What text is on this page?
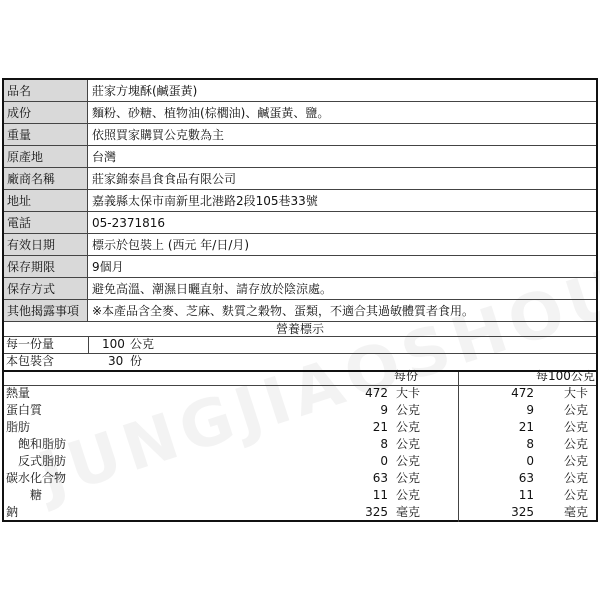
品名	莊家方塊酥(鹹蛋黃)
成份	麵粉、砂糖、植物油(棕櫚油)、鹹蛋黃、鹽。
重量	依照買家購買公克數為主
原產地	台灣
廠商名稱	莊家錦泰昌食食品有限公司
地址	嘉義縣太保市南新里北港路2段105巷33號
電話	05-2371816
有效日期	標示於包裝上 (西元 年/日/月)
保存期限	9個月
保存方式	避免高溫、潮濕日曬直射、請存放於陰涼處。
其他揭露事項	※本產品含全麥、芝麻、麩質之穀物、蛋類，不適合其過敏體質者食用。
營養標示
每一份量	100 公克
本包裝含	30 份
每份	每100公克
熱量	472 大卡	472	大卡
蛋白質	9 公克	9	公克
脂肪	21 公克	21	公克
飽和脂肪	8 公克	8	公克
反式脂肪	0 公克	0	公克
碳水化合物	63 公克	63	公克
糖	11 公克	11	公克
鈉	325 毫克	325	毫克
